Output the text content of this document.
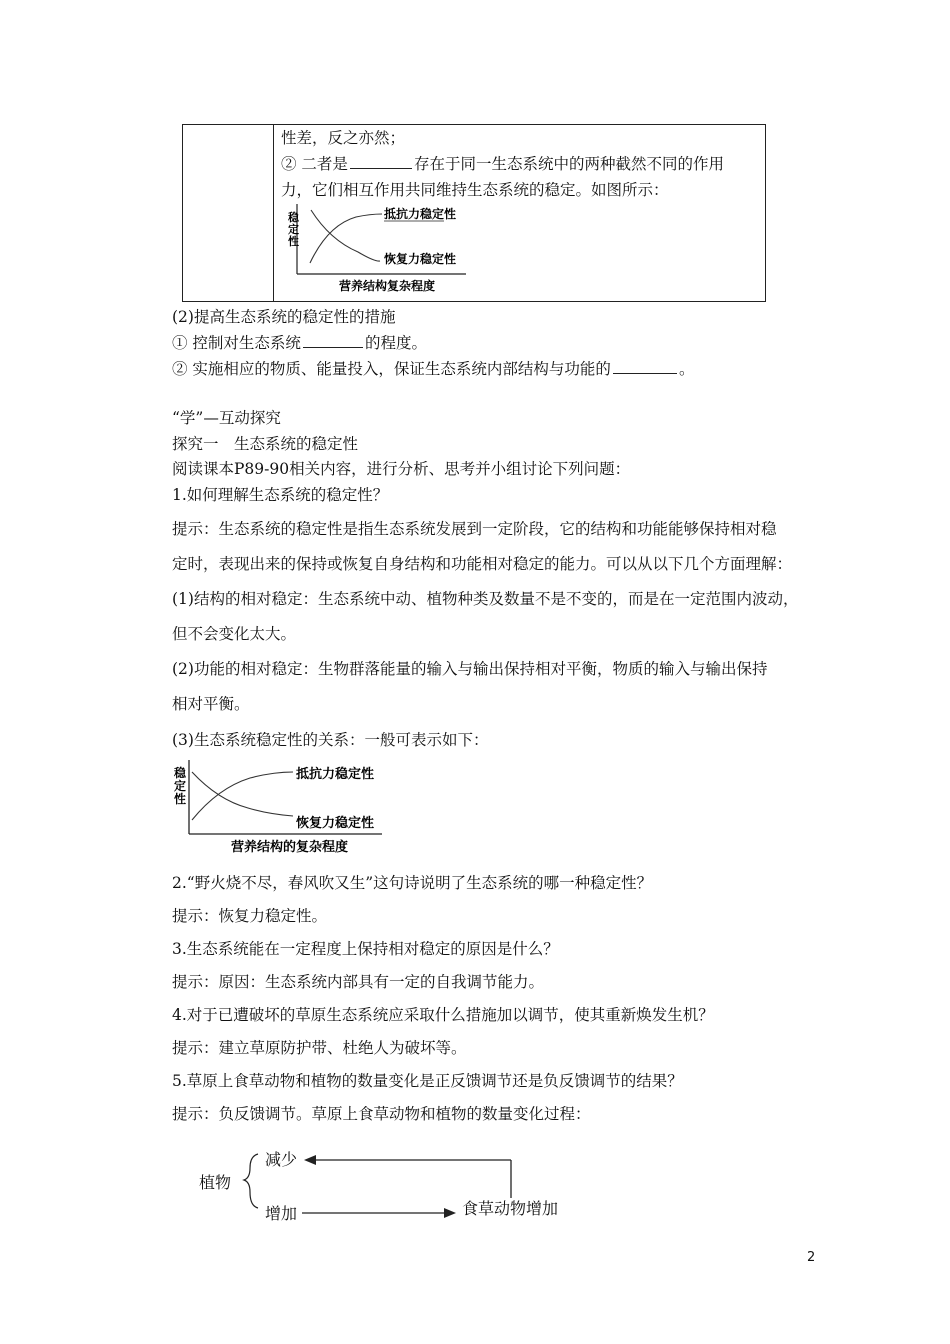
性差，反之亦然；
② 二者是	存在于同一生态系统中的两种截然不同的作用
力，它们相互作用共同维持生态系统的稳定。如图所示：
稳
定
性
抵抗力稳定性
恢复力稳定性
营养结构复杂程度
(2)提高生态系统的稳定性的措施
① 控制对生态系统	的程度。
② 实施相应的物质、能量投入，保证生态系统内部结构与功能的	。
“学”—互动探究
探究一　生态系统的稳定性
阅读课本P89-90相关内容，进行分析、思考并小组讨论下列问题：
1.如何理解生态系统的稳定性？
提示：生态系统的稳定性是指生态系统发展到一定阶段，它的结构和功能能够保持相对稳
定时，表现出来的保持或恢复自身结构和功能相对稳定的能力。可以从以下几个方面理解：
(1)结构的相对稳定：生态系统中动、植物种类及数量不是不变的，而是在一定范围内波动，
但不会变化太大。
(2)功能的相对稳定：生物群落能量的输入与输出保持相对平衡，物质的输入与输出保持
相对平衡。
(3)生态系统稳定性的关系：一般可表示如下：
稳
定
性
抵抗力稳定性
恢复力稳定性
营养结构的复杂程度
2.“野火烧不尽，春风吹又生”这句诗说明了生态系统的哪一种稳定性？
提示：恢复力稳定性。
3.生态系统能在一定程度上保持相对稳定的原因是什么？
提示：原因：生态系统内部具有一定的自我调节能力。
4.对于已遭破坏的草原生态系统应采取什么措施加以调节，使其重新焕发生机？
提示：建立草原防护带、杜绝人为破坏等。
5.草原上食草动物和植物的数量变化是正反馈调节还是负反馈调节的结果？
提示：负反馈调节。草原上食草动物和植物的数量变化过程：
植物
减少
增加	食草动物增加
2
